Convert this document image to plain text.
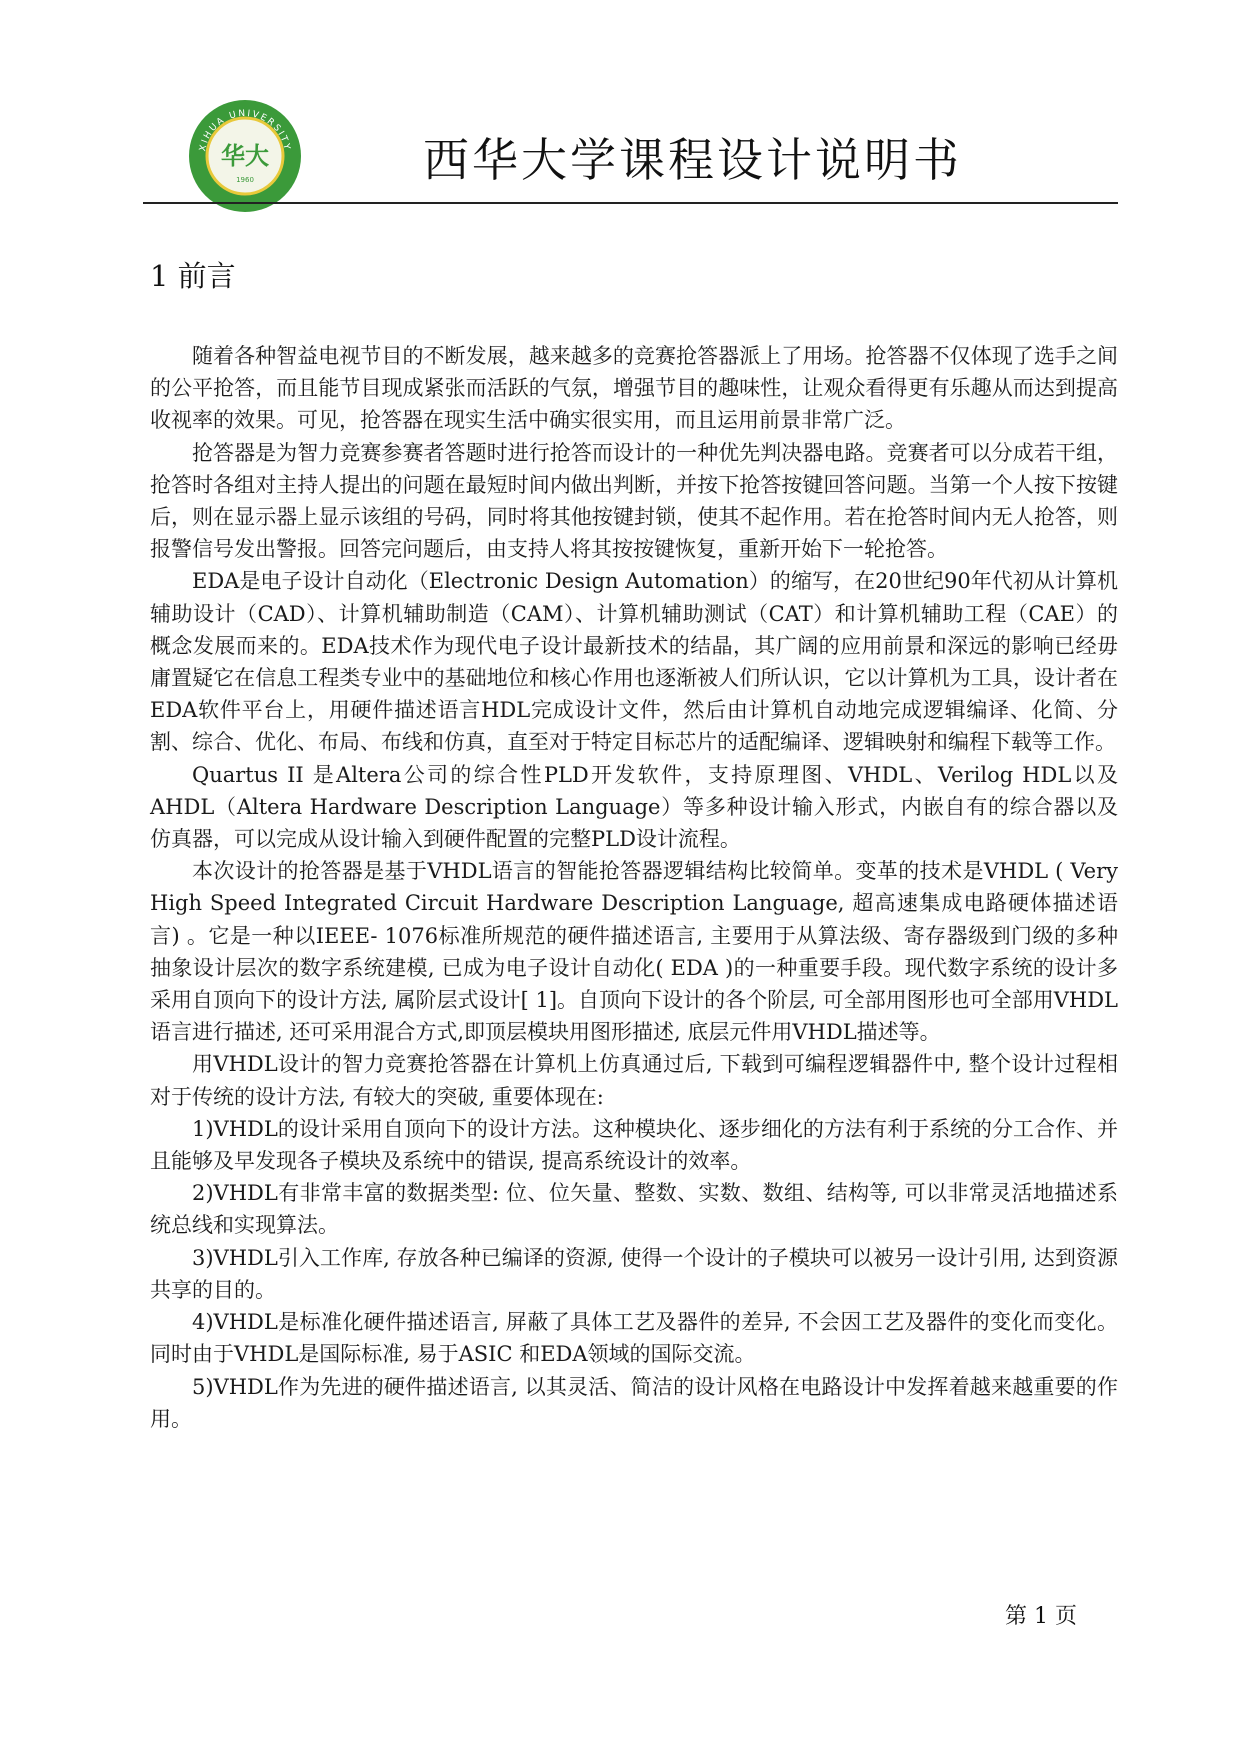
XIHUA UNIVERSITY
华大
1960	西华大学课程设计说明书
1 前言

随着各种智益电视节目的不断发展，越来越多的竞赛抢答器派上了用场。抢答器不仅体现了选手之间的公平抢答，而且能节目现成紧张而活跃的气氛，增强节目的趣味性，让观众看得更有乐趣从而达到提高收视率的效果。可见，抢答器在现实生活中确实很实用，而且运用前景非常广泛。

抢答器是为智力竞赛参赛者答题时进行抢答而设计的一种优先判决器电路。竞赛者可以分成若干组，抢答时各组对主持人提出的问题在最短时间内做出判断，并按下抢答按键回答问题。当第一个人按下按键后，则在显示器上显示该组的号码，同时将其他按键封锁，使其不起作用。若在抢答时间内无人抢答，则报警信号发出警报。回答完问题后，由支持人将其按按键恢复，重新开始下一轮抢答。

EDA是电子设计自动化（Electronic Design Automation）的缩写，在20世纪90年代初从计算机辅助设计（CAD）、计算机辅助制造（CAM）、计算机辅助测试（CAT）和计算机辅助工程（CAE）的概念发展而来的。EDA技术作为现代电子设计最新技术的结晶，其广阔的应用前景和深远的影响已经毋庸置疑它在信息工程类专业中的基础地位和核心作用也逐渐被人们所认识，它以计算机为工具，设计者在EDA软件平台上，用硬件描述语言HDL完成设计文件，然后由计算机自动地完成逻辑编译、化简、分割、综合、优化、布局、布线和仿真，直至对于特定目标芯片的适配编译、逻辑映射和编程下载等工作。

Quartus II 是Altera公司的综合性PLD开发软件，支持原理图、VHDL、Verilog HDL以及AHDL（Altera Hardware Description Language）等多种设计输入形式，内嵌自有的综合器以及仿真器，可以完成从设计输入到硬件配置的完整PLD设计流程。

本次设计的抢答器是基于VHDL语言的智能抢答器逻辑结构比较简单。变革的技术是VHDL ( Very High Speed Integrated Circuit Hardware Description Language, 超高速集成电路硬体描述语言) 。它是一种以IEEE- 1076标准所规范的硬件描述语言, 主要用于从算法级、寄存器级到门级的多种抽象设计层次的数字系统建模, 已成为电子设计自动化( EDA )的一种重要手段。现代数字系统的设计多采用自顶向下的设计方法, 属阶层式设计[ 1]。自顶向下设计的各个阶层, 可全部用图形也可全部用VHDL语言进行描述, 还可采用混合方式,即顶层模块用图形描述, 底层元件用VHDL描述等。

用VHDL设计的智力竞赛抢答器在计算机上仿真通过后, 下载到可编程逻辑器件中, 整个设计过程相对于传统的设计方法, 有较大的突破, 重要体现在:

1)VHDL的设计采用自顶向下的设计方法。这种模块化、逐步细化的方法有利于系统的分工合作、并且能够及早发现各子模块及系统中的错误, 提高系统设计的效率。

2)VHDL有非常丰富的数据类型: 位、位矢量、整数、实数、数组、结构等, 可以非常灵活地描述系统总线和实现算法。

3)VHDL引入工作库, 存放各种已编译的资源, 使得一个设计的子模块可以被另一设计引用, 达到资源共享的目的。

4)VHDL是标准化硬件描述语言, 屏蔽了具体工艺及器件的差异, 不会因工艺及器件的变化而变化。同时由于VHDL是国际标准, 易于ASIC 和EDA领域的国际交流。

5)VHDL作为先进的硬件描述语言, 以其灵活、简洁的设计风格在电路设计中发挥着越来越重要的作用。

第 1 页
